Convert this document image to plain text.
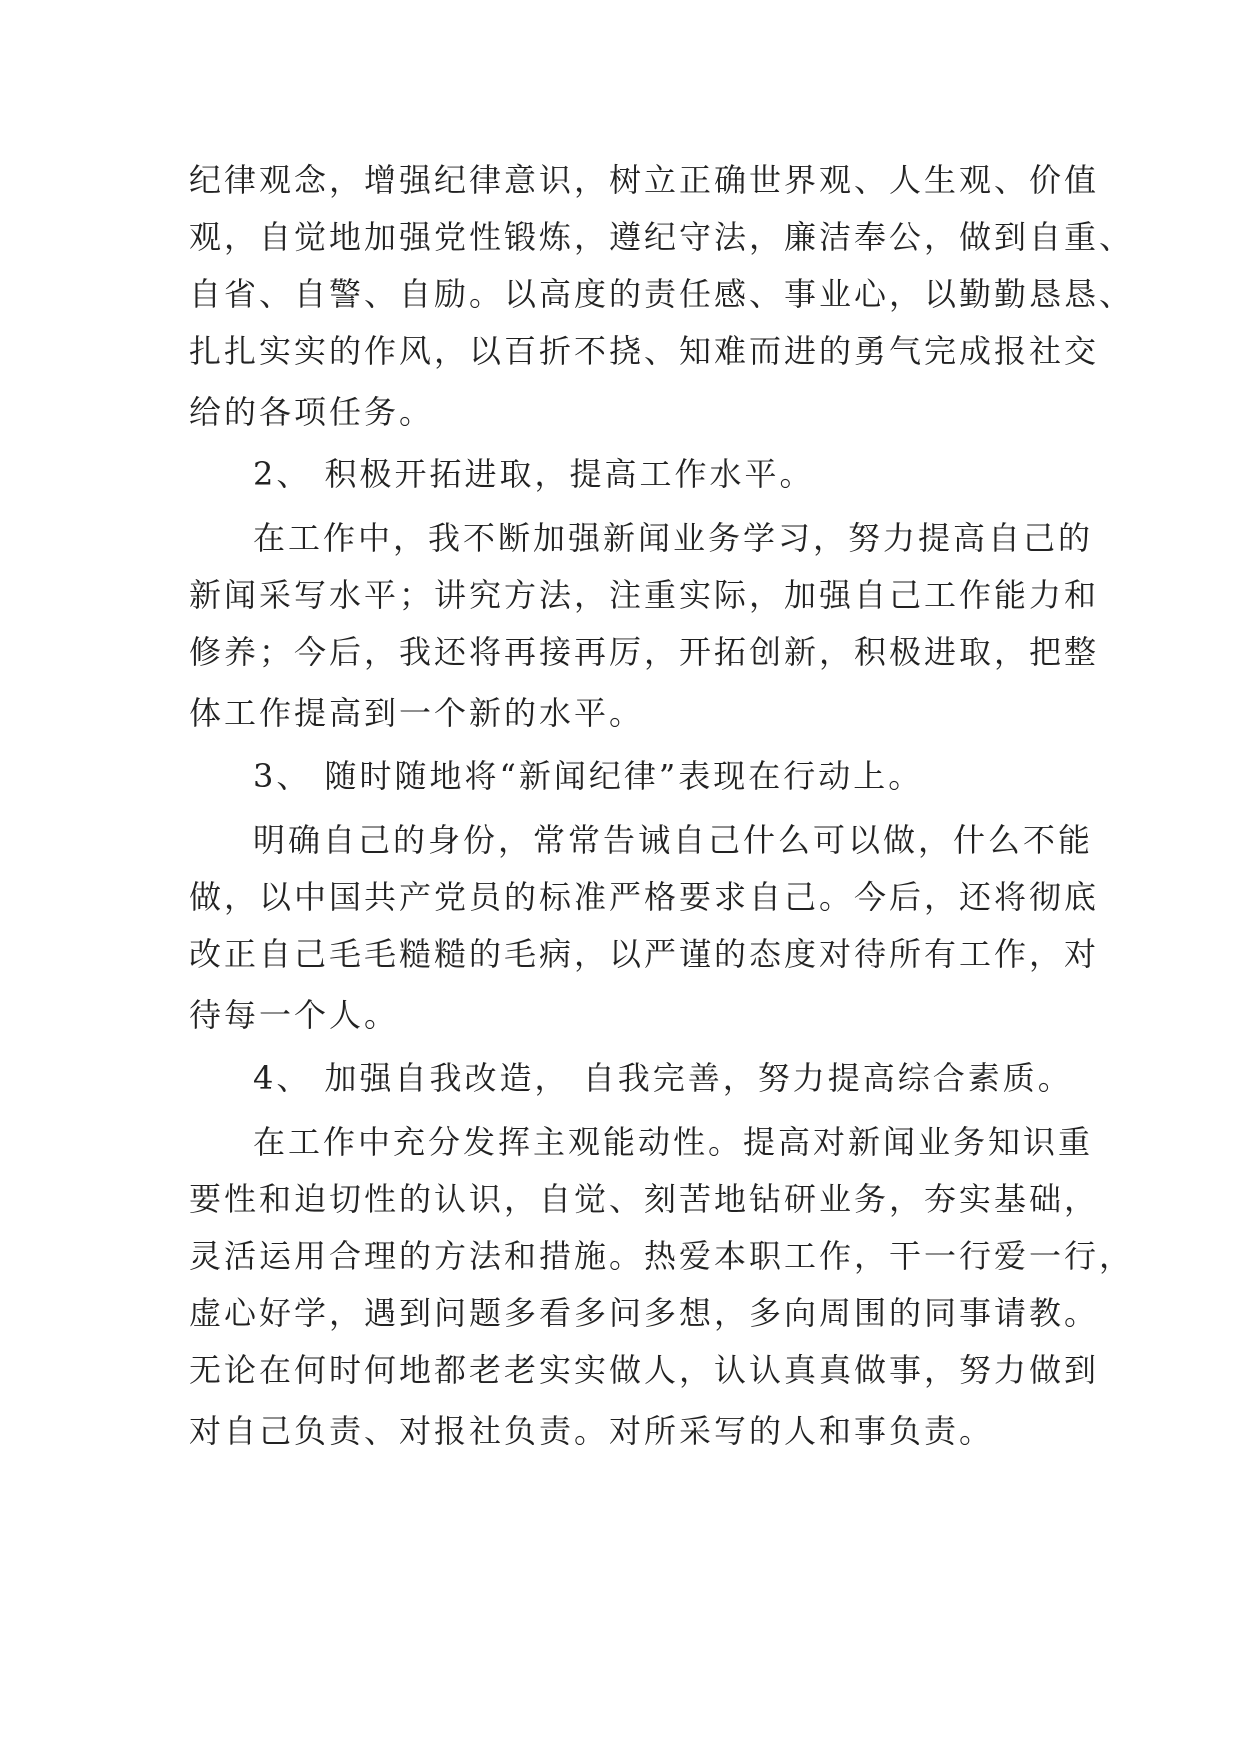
纪律观念，增强纪律意识，树立正确世界观、人生观、价值
观，自觉地加强党性锻炼，遵纪守法，廉洁奉公，做到自重、
自省、自警、自励。以高度的责任感、事业心，以勤勤恳恳、
扎扎实实的作风，以百折不挠、知难而进的勇气完成报社交
给的各项任务。
2、 积极开拓进取，提高工作水平。
在工作中，我不断加强新闻业务学习，努力提高自己的
新闻采写水平；讲究方法，注重实际，加强自己工作能力和
修养；今后，我还将再接再厉，开拓创新，积极进取，把整
体工作提高到一个新的水平。
3、 随时随地将“新闻纪律”表现在行动上。
明确自己的身份，常常告诫自己什么可以做，什么不能
做，以中国共产党员的标准严格要求自己。今后，还将彻底
改正自己毛毛糙糙的毛病，以严谨的态度对待所有工作，对
待每一个人。
4、 加强自我改造， 自我完善，努力提高综合素质。
在工作中充分发挥主观能动性。提高对新闻业务知识重
要性和迫切性的认识，自觉、刻苦地钻研业务，夯实基础，
灵活运用合理的方法和措施。热爱本职工作，干一行爱一行，
虚心好学，遇到问题多看多问多想，多向周围的同事请教。
无论在何时何地都老老实实做人，认认真真做事，努力做到
对自己负责、对报社负责。对所采写的人和事负责。
